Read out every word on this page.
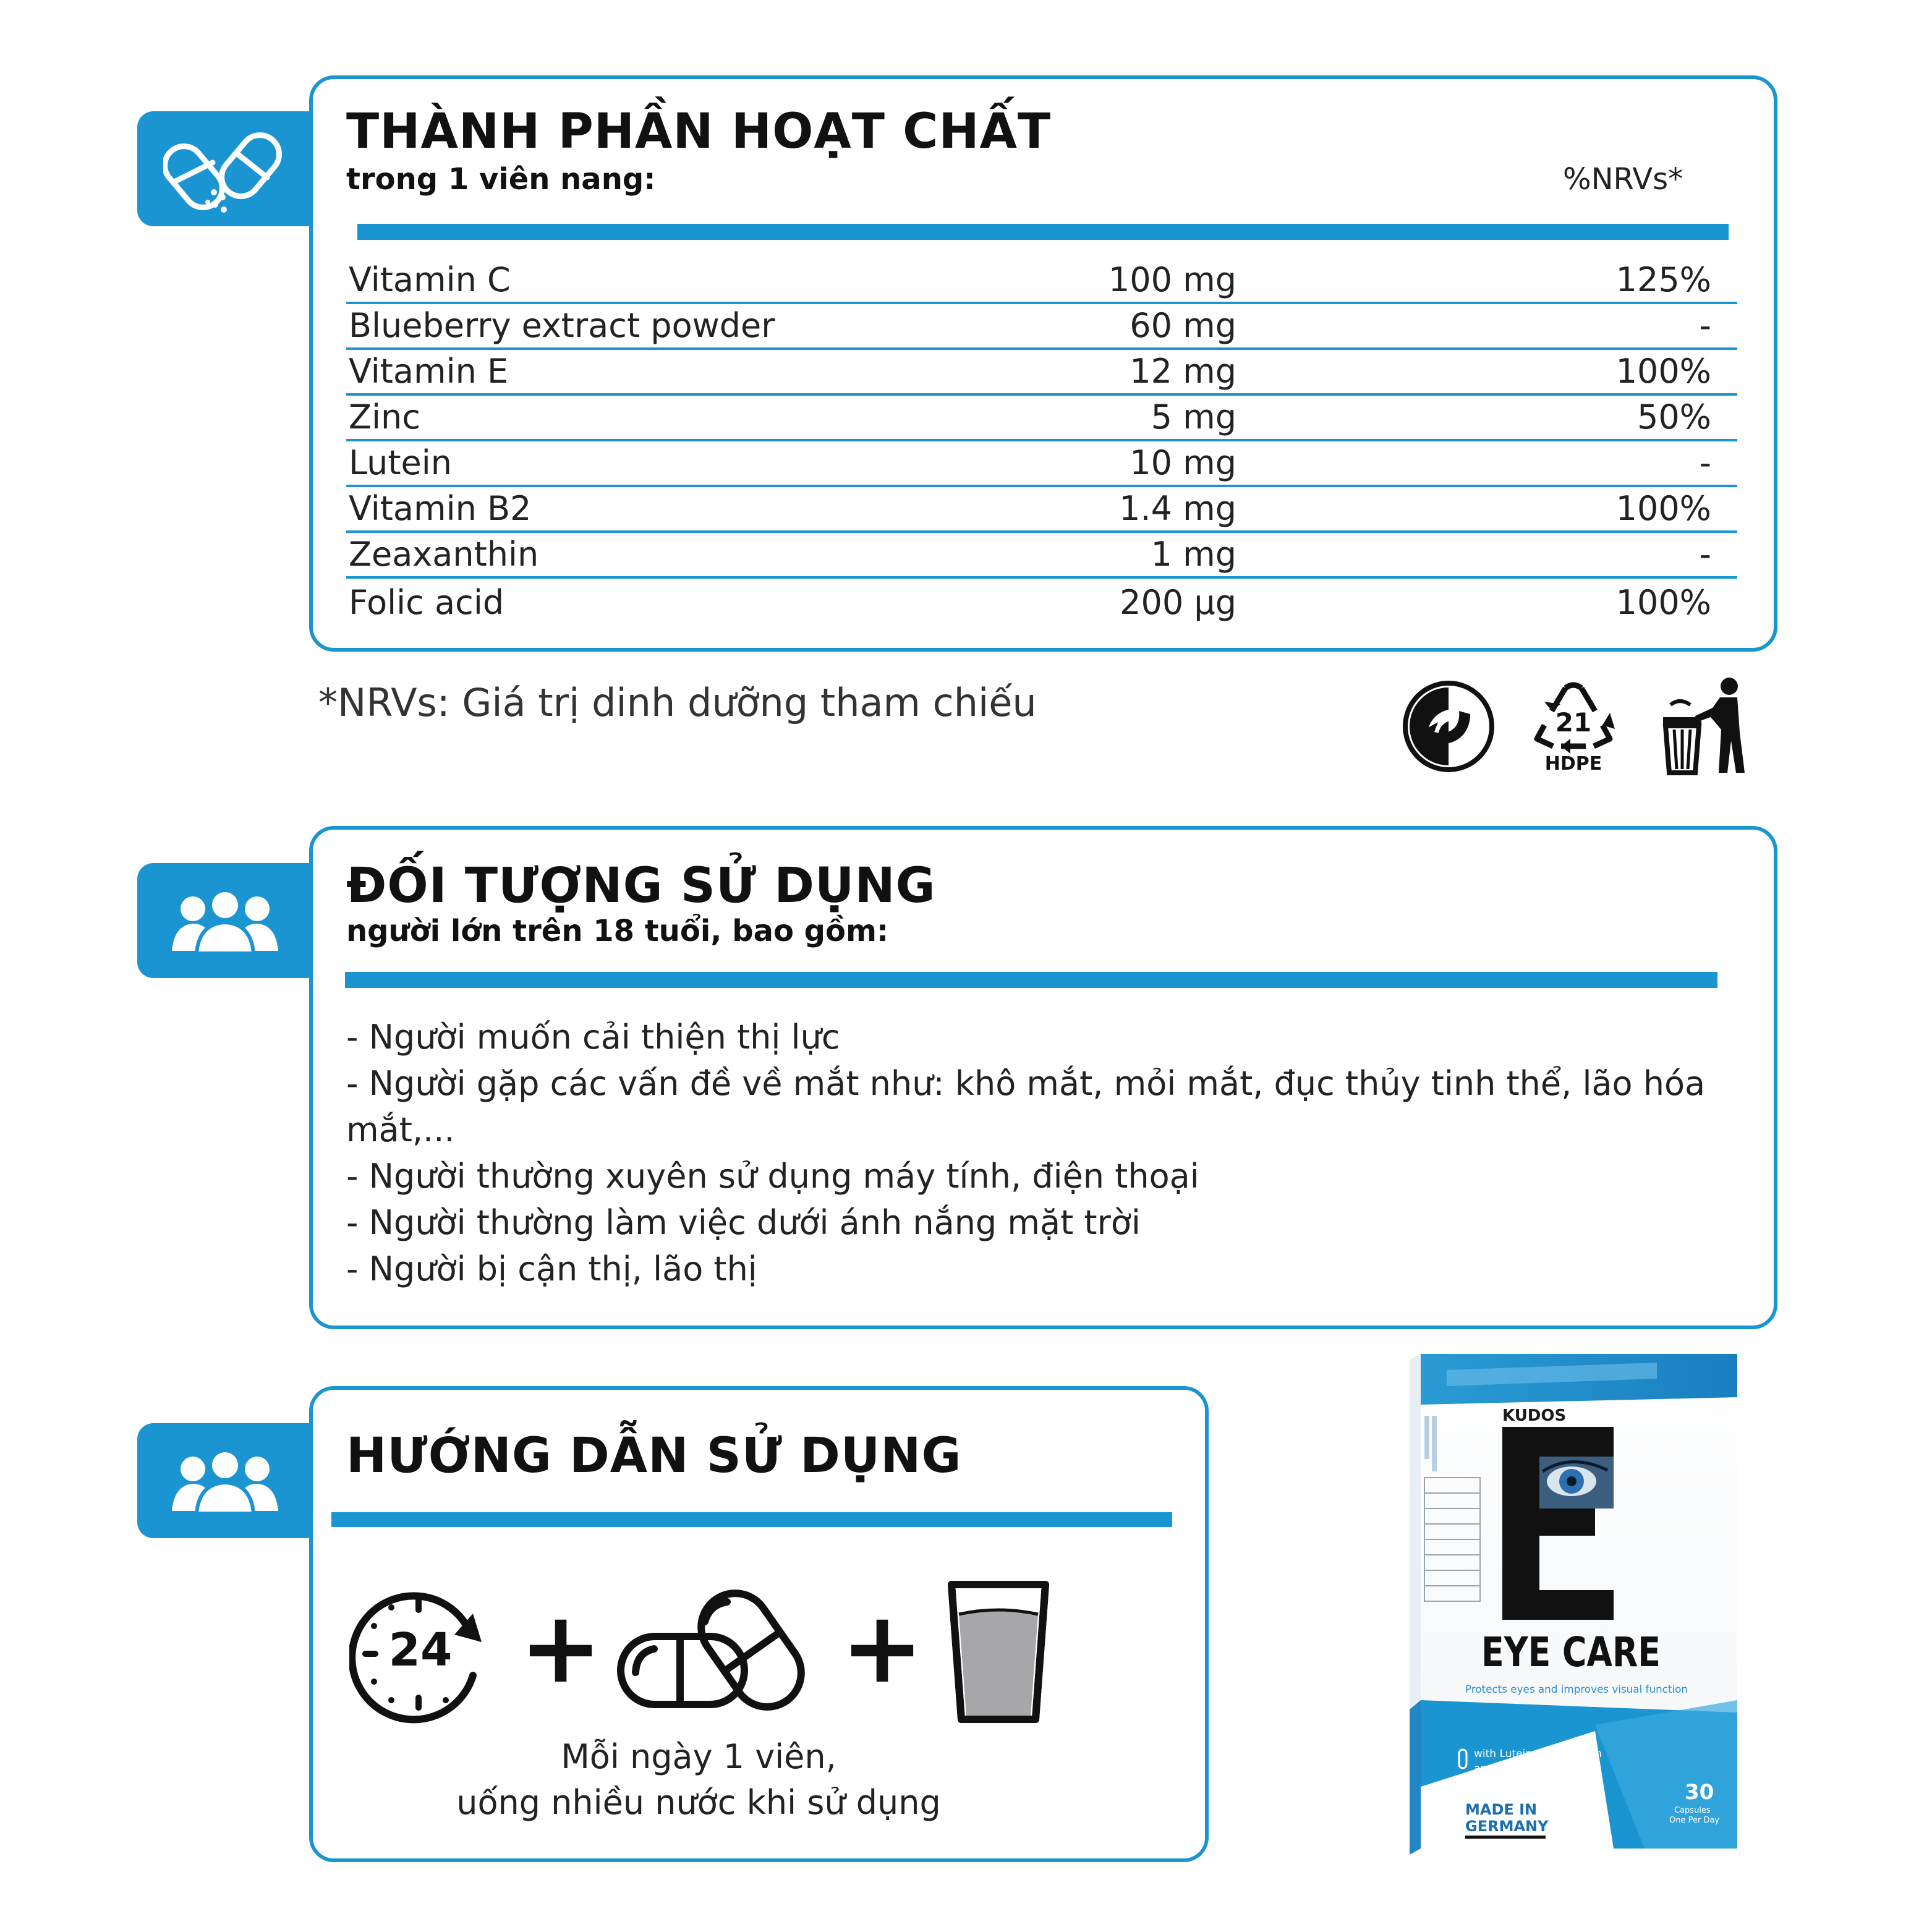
THÀNH PHẦN HOẠT CHẤT
trong 1 viên nang:	%NRVs*
Vitamin C	100 mg	125%
Blueberry extract powder	60 mg	-
Vitamin E	12 mg	100%
Zinc	5 mg	50%
Lutein	10 mg	-
Vitamin B2	1.4 mg	100%
Zeaxanthin	1 mg	-
Folic acid	200 µg	100%
*NRVs: Giá trị dinh dưỡng tham chiếu	21
HDPE
ĐỐI TƯỢNG SỬ DỤNG
người lớn trên 18 tuổi, bao gồm:
- Người muốn cải thiện thị lực
- Người gặp các vấn đề về mắt như: khô mắt, mỏi mắt, đục thủy tinh thể, lão hóa mắt,...
- Người thường xuyên sử dụng máy tính, điện thoại
- Người thường làm việc dưới ánh nắng mặt trời
- Người bị cận thị, lão thị
HƯỚNG DẪN SỬ DỤNG
24 + +
Mỗi ngày 1 viên,
uống nhiều nước khi sử dụng
KUDOS
EYE CARE
Protects eyes and improves visual function
with Lutein , Zeaxanthin
and Blueberry extract
MADE IN
GERMANY
30
Capsules
One Per Day
